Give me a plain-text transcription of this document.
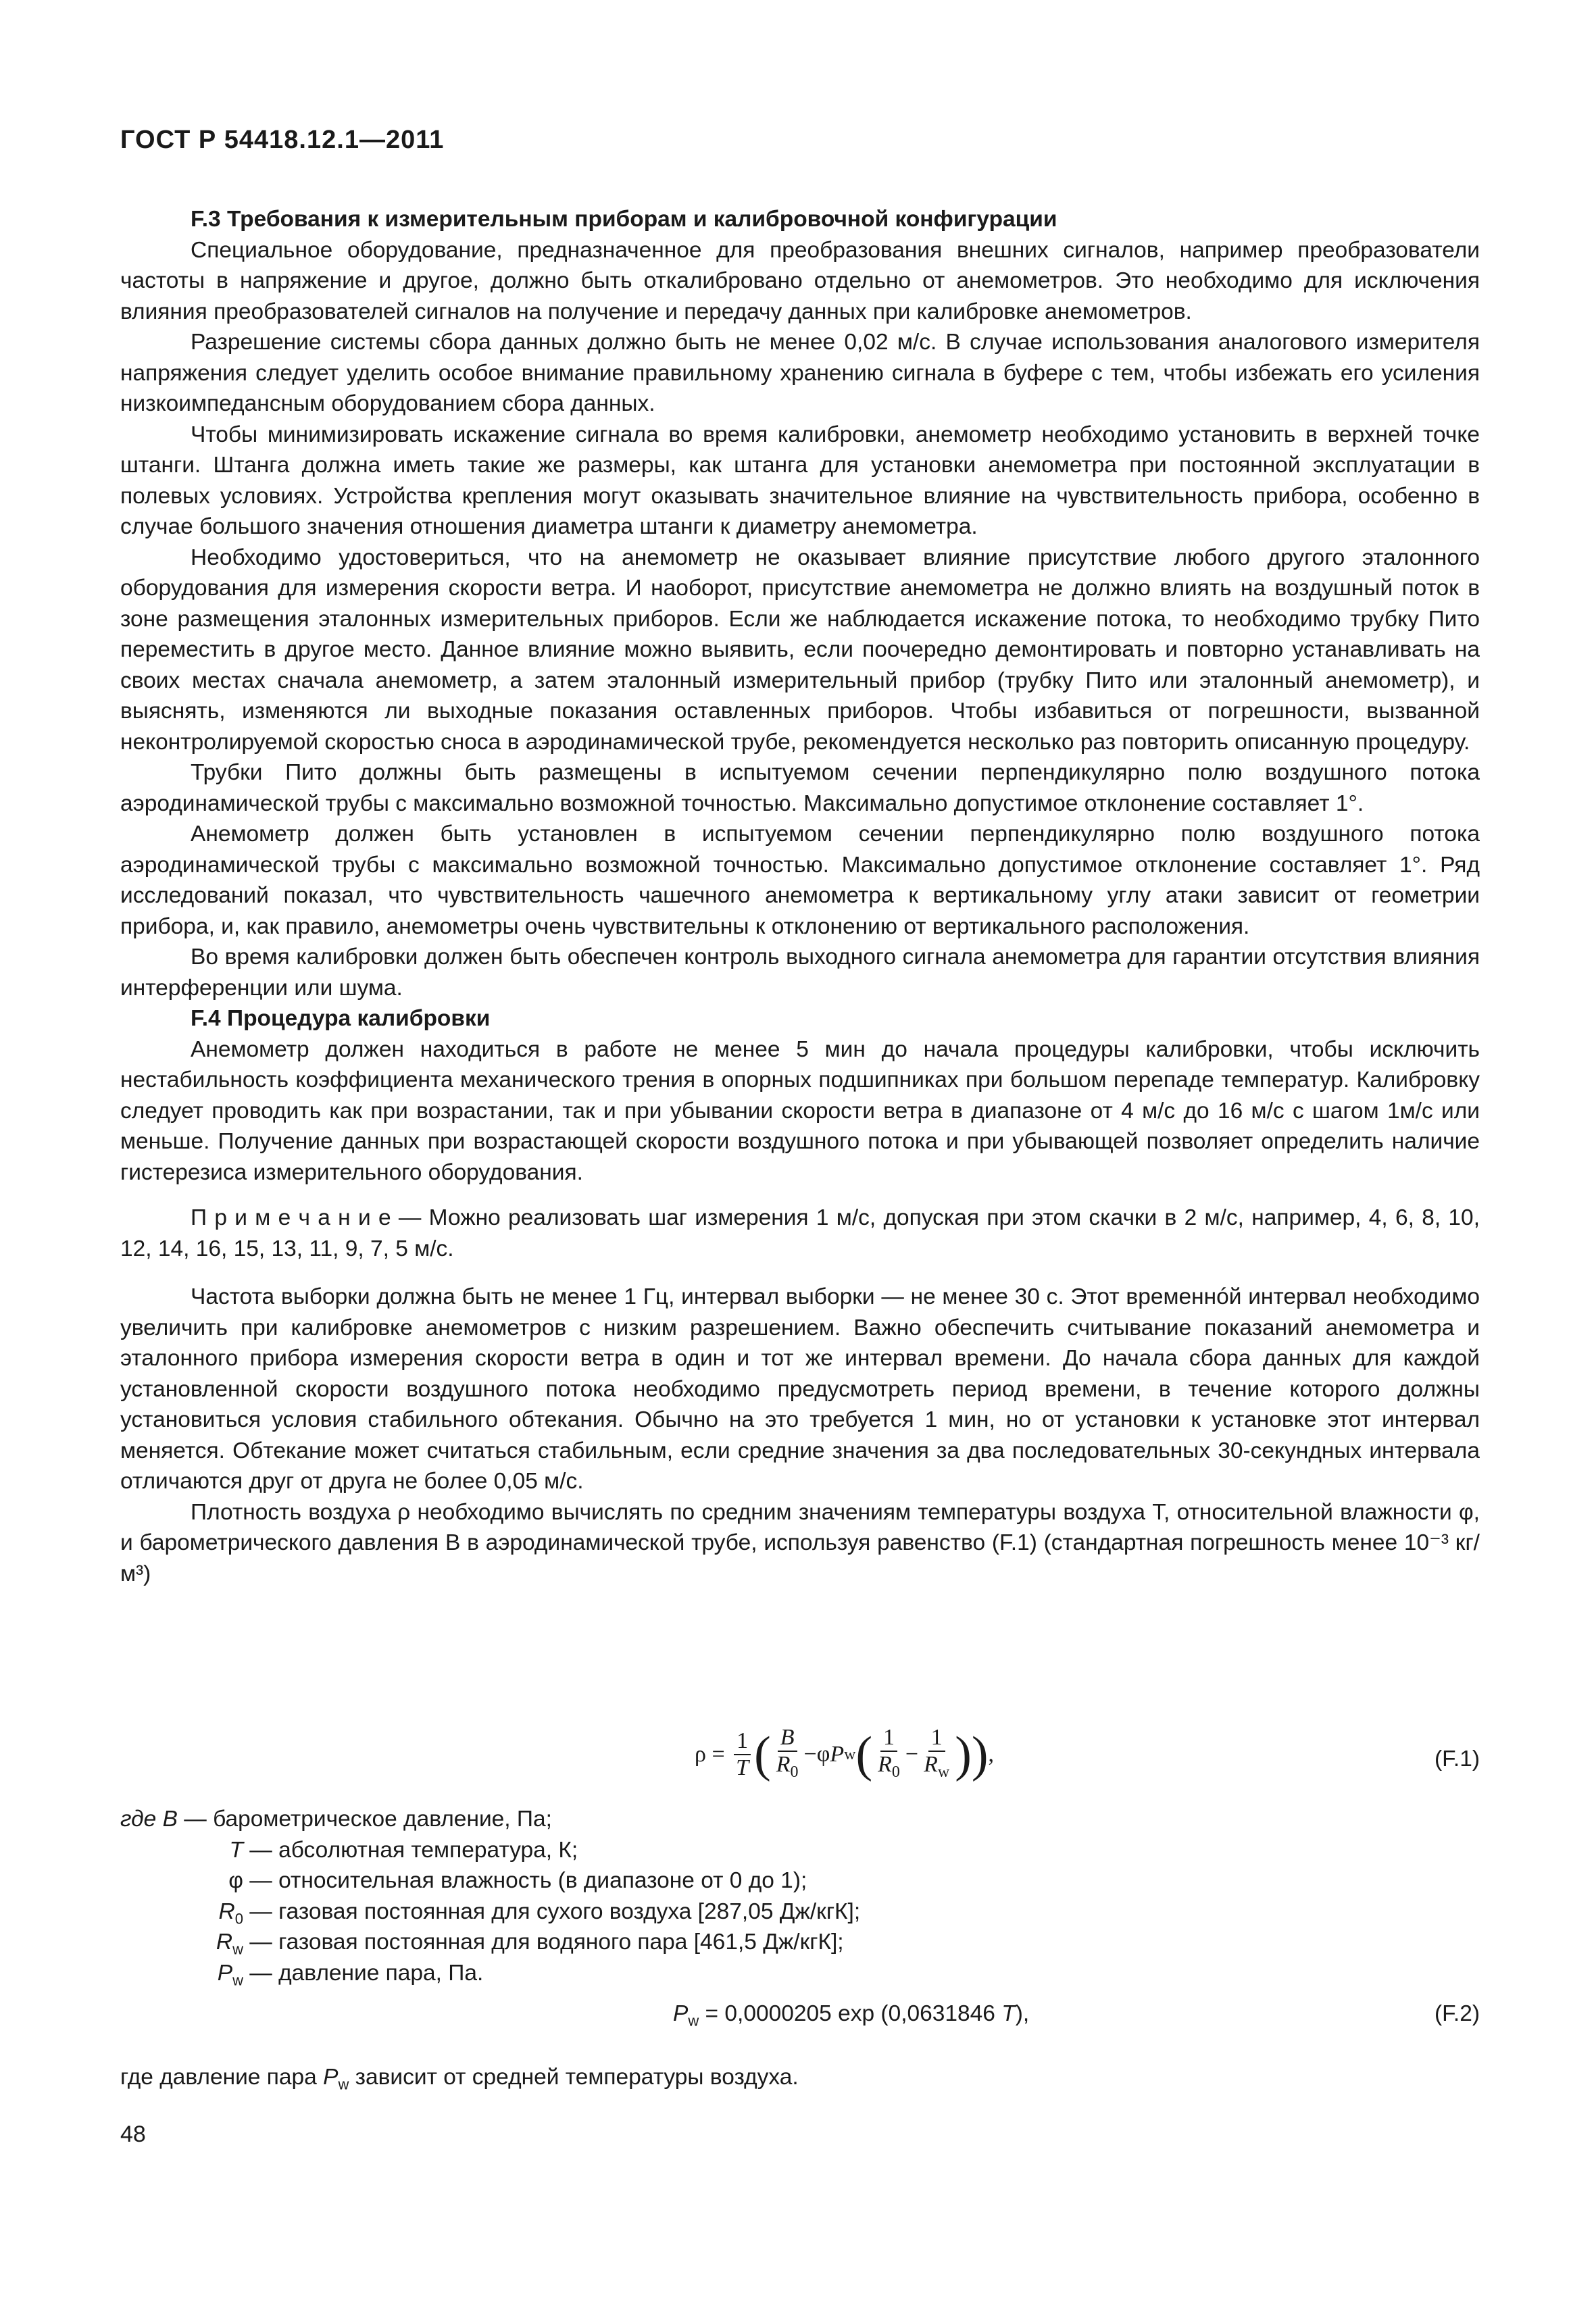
ГОСТ Р 54418.12.1—2011

F.3 Требования к измерительным приборам и калибровочной конфигурации

Специальное оборудование, предназначенное для преобразования внешних сигналов, например преобразователи частоты в напряжение и другое, должно быть откалибровано отдельно от анемометров. Это необходимо для исключения влияния преобразователей сигналов на получение и передачу данных при калибровке анемометров.

Разрешение системы сбора данных должно быть не менее 0,02 м/с. В случае использования аналогового измерителя напряжения следует уделить особое внимание правильному хранению сигнала в буфере с тем, чтобы избежать его усиления низкоимпедансным оборудованием сбора данных.

Чтобы минимизировать искажение сигнала во время калибровки, анемометр необходимо установить в верхней точке штанги. Штанга должна иметь такие же размеры, как штанга для установки анемометра при постоянной эксплуатации в полевых условиях. Устройства крепления могут оказывать значительное влияние на чувствительность прибора, особенно в случае большого значения отношения диаметра штанги к диаметру анемометра.

Необходимо удостовериться, что на анемометр не оказывает влияние присутствие любого другого эталонного оборудования для измерения скорости ветра. И наоборот, присутствие анемометра не должно влиять на воздушный поток в зоне размещения эталонных измерительных приборов. Если же наблюдается искажение потока, то необходимо трубку Пито переместить в другое место. Данное влияние можно выявить, если поочередно демонтировать и повторно устанавливать на своих местах сначала анемометр, а затем эталонный измерительный прибор (трубку Пито или эталонный анемометр), и выяснять, изменяются ли выходные показания оставленных приборов. Чтобы избавиться от погрешности, вызванной неконтролируемой скоростью сноса в аэродинамической трубе, рекомендуется несколько раз повторить описанную процедуру.

Трубки Пито должны быть размещены в испытуемом сечении перпендикулярно полю воздушного потока аэродинамической трубы с максимально возможной точностью. Максимально допустимое отклонение составляет 1°.

Анемометр должен быть установлен в испытуемом сечении перпендикулярно полю воздушного потока аэродинамической трубы с максимально возможной точностью. Максимально допустимое отклонение составляет 1°. Ряд исследований показал, что чувствительность чашечного анемометра к вертикальному углу атаки зависит от геометрии прибора, и, как правило, анемометры очень чувствительны к отклонению от вертикального расположения.

Во время калибровки должен быть обеспечен контроль выходного сигнала анемометра для гарантии отсутствия влияния интерференции или шума.

F.4 Процедура калибровки

Анемометр должен находиться в работе не менее 5 мин до начала процедуры калибровки, чтобы исключить нестабильность коэффициента механического трения в опорных подшипниках при большом перепаде температур. Калибровку следует проводить как при возрастании, так и при убывании скорости ветра в диапазоне от 4 м/с до 16 м/с с шагом 1м/с или меньше. Получение данных при возрастающей скорости воздушного потока и при убывающей позволяет определить наличие гистерезиса измерительного оборудования.

П р и м е ч а н и е — Можно реализовать шаг измерения 1 м/с, допуская при этом скачки в 2 м/с, например, 4, 6, 8, 10, 12, 14, 16, 15, 13, 11, 9, 7, 5 м/с.

Частота выборки должна быть не менее 1 Гц, интервал выборки — не менее 30 с. Этот временнóй интервал необходимо увеличить при калибровке анемометров с низким разрешением. Важно обеспечить считывание показаний анемометра и эталонного прибора измерения скорости ветра в один и тот же интервал времени. До начала сбора данных для каждой установленной скорости воздушного потока необходимо предусмотреть период времени, в течение которого должны установиться условия стабильного обтекания. Обычно на это требуется 1 мин, но от установки к установке этот интервал меняется. Обтекание может считаться стабильным, если средние значения за два последовательных 30-секундных интервала отличаются друг от друга не более 0,05 м/с.

Плотность воздуха ρ необходимо вычислять по средним значениям температуры воздуха T, относительной влажности φ, и барометрического давления B в аэродинамической трубе, используя равенство (F.1) (стандартная погрешность менее 10⁻³ кг/м³)

ρ
=
$\frac{1}{T}$ ( $\frac{B}{R_0} - \varphi$ P w ( $\frac{1}{R_0} - \frac{1}{R_w}$ )) ,	(F.1)
где B — барометрическое давление, Па;
T — абсолютная температура, К;
φ — относительная влажность (в диапазоне от 0 до 1);
$R_0$ — газовая постоянная для сухого воздуха [287,05 Дж/кгК];
$R_w$ — газовая постоянная для водяного пара [461,5 Дж/кгК];
$P_w$ — давление пара, Па.
$P_w = 0,0000205$ exp (0,0631846 T),	(F.2)
где давление пара $P_w$ зависит от средней температуры воздуха.
48
